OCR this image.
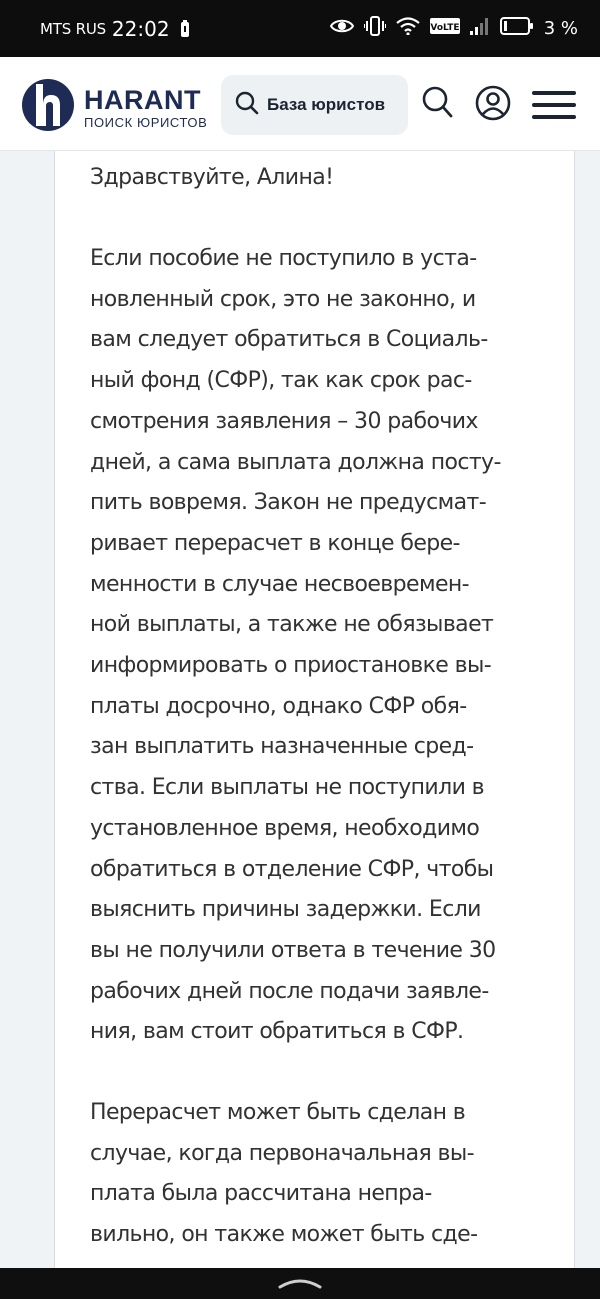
MTS RUS 22:02	VoLTE	3 %
HARANT
ПОИСК ЮРИСТОВ
База юристов

Здравствуйте, Алина!

Если пособие не поступило в уста-
новленный срок, это не законно, и
вам следует обратиться в Социаль-
ный фонд (СФР), так как срок рас-
смотрения заявления – 30 рабочих
дней, а сама выплата должна посту-
пить вовремя. Закон не предусмат-
ривает перерасчет в конце бере-
менности в случае несвоевремен-
ной выплаты, а также не обязывает
информировать о приостановке вы-
платы досрочно, однако СФР обя-
зан выплатить назначенные сред-
ства. Если выплаты не поступили в
установленное время, необходимо
обратиться в отделение СФР, чтобы
выяснить причины задержки. Если
вы не получили ответа в течение 30
рабочих дней после подачи заявле-
ния, вам стоит обратиться в СФР.

Перерасчет может быть сделан в
случае, когда первоначальная вы-
плата была рассчитана непра-
вильно, он также может быть сде-
